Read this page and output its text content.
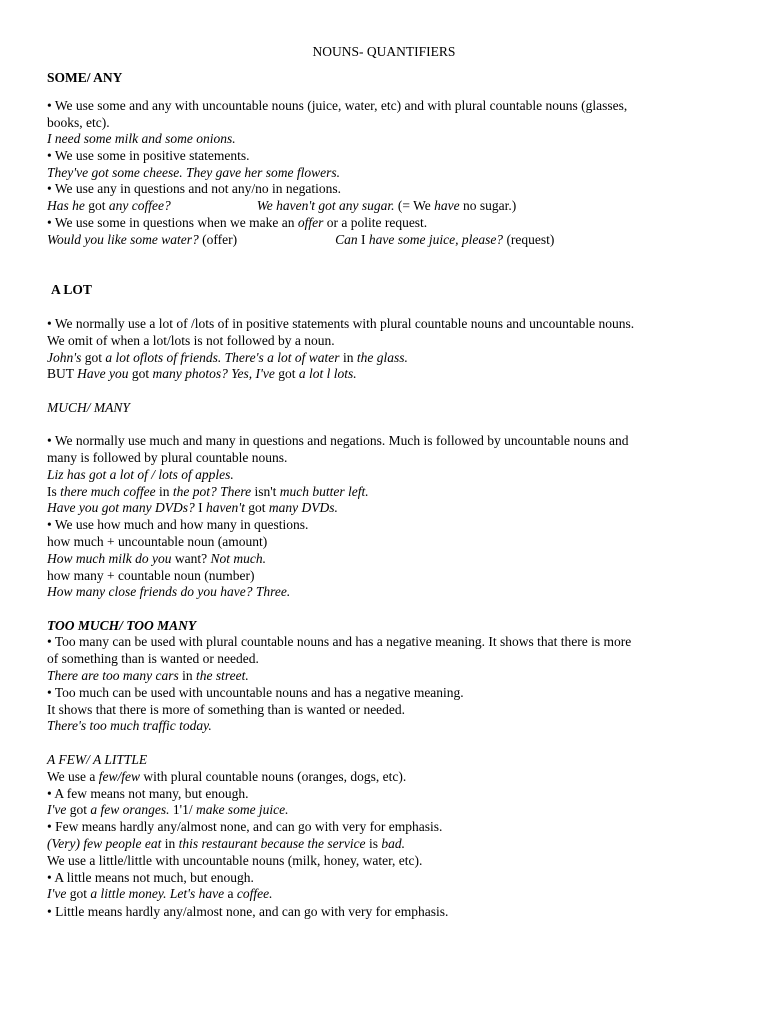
NOUNS- QUANTIFIERS
SOME/ ANY
• We use some and any with uncountable nouns (juice, water, etc) and with plural countable nouns (glasses,
books, etc).
I need some milk and some onions.
• We use some in positive statements.
They've got some cheese. They gave her some flowers.
• We use any in questions and not any/no in negations.
Has he got any coffee?	We haven't got any sugar. (= We have no sugar.)
• We use some in questions when we make an offer or a polite request.
Would you like some water? (offer)	Can I have some juice, please? (request)
A LOT
• We normally use a lot of /lots of in positive statements with plural countable nouns and uncountable nouns.
We omit of when a lot/lots is not followed by a noun.
John's got a lot oflots of friends. There's a lot of water in the glass.
BUT Have you got many photos? Yes, I've got a lot l lots.
MUCH/ MANY
• We normally use much and many in questions and negations. Much is followed by uncountable nouns and
many is followed by plural countable nouns.
Liz has got a lot of / lots of apples.
Is there much coffee in the pot? There isn't much butter left.
Have you got many DVDs? I haven't got many DVDs.
• We use how much and how many in questions.
how much + uncountable noun (amount)
How much milk do you want? Not much.
how many + countable noun (number)
How many close friends do you have? Three.
TOO MUCH/ TOO MANY
• Too many can be used with plural countable nouns and has a negative meaning. It shows that there is more
of something than is wanted or needed.
There are too many cars in the street.
• Too much can be used with uncountable nouns and has a negative meaning.
It shows that there is more of something than is wanted or needed.
There's too much traffic today.
A FEW/ A LITTLE
We use a few/few with plural countable nouns (oranges, dogs, etc).
• A few means not many, but enough.
I've got a few oranges. 1'1/ make some juice.
• Few means hardly any/almost none, and can go with very for emphasis.
(Very) few people eat in this restaurant because the service is bad.
We use a little/little with uncountable nouns (milk, honey, water, etc).
• A little means not much, but enough.
I've got a little money. Let's have a coffee.
• Little means hardly any/almost none, and can go with very for emphasis.
